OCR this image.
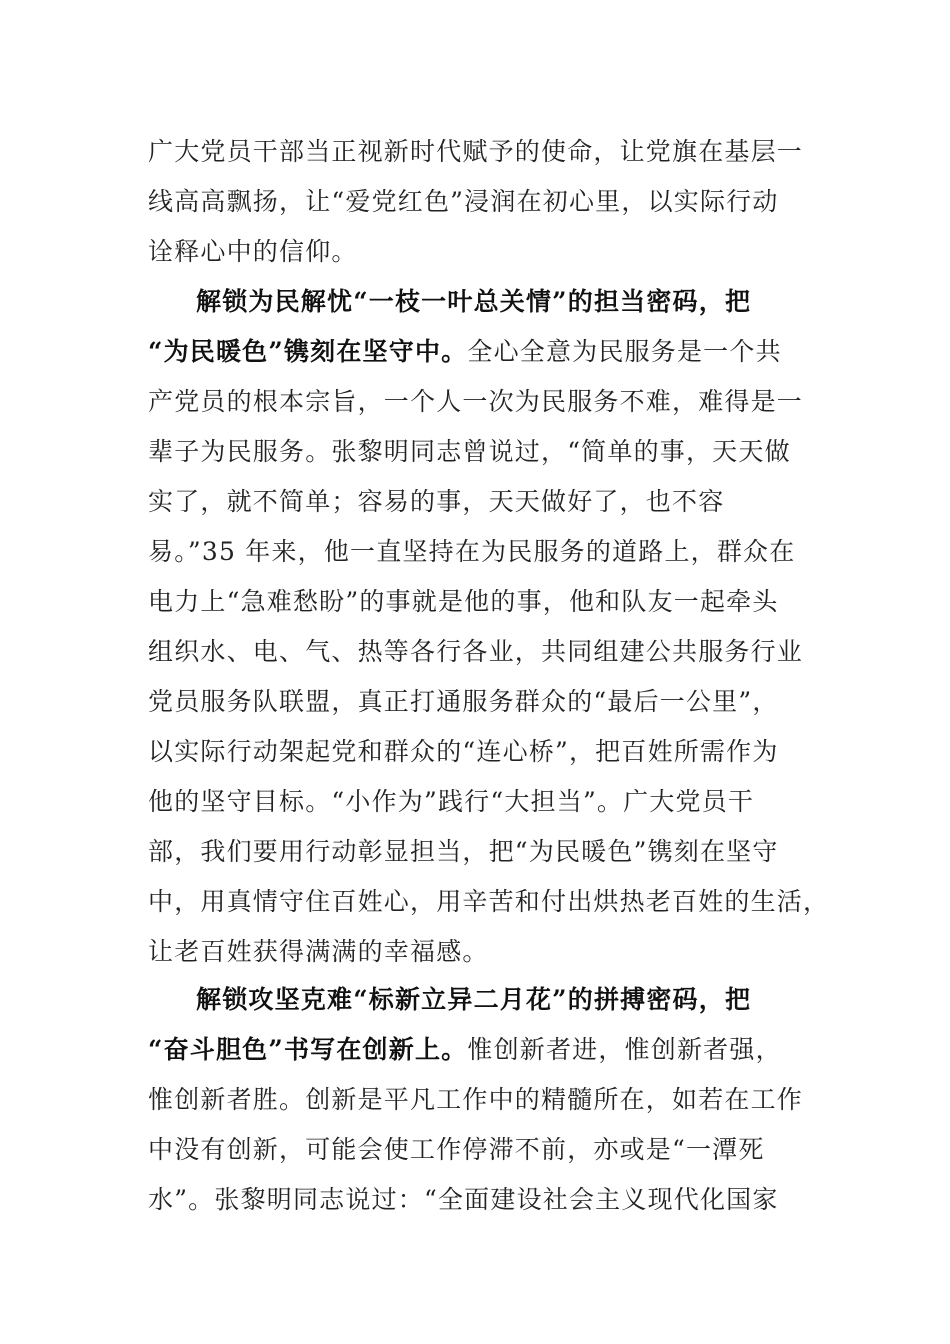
广大党员干部当正视新时代赋予的使命，让党旗在基层一
线高高飘扬，让“爱党红色”浸润在初心里，以实际行动
诠释心中的信仰。
解锁为民解忧“一枝一叶总关情”的担当密码，把
“为民暖色”镌刻在坚守中。全心全意为民服务是一个共
产党员的根本宗旨，一个人一次为民服务不难，难得是一
辈子为民服务。张黎明同志曾说过，“简单的事，天天做
实了，就不简单；容易的事，天天做好了，也不容
易。”35 年来，他一直坚持在为民服务的道路上，群众在
电力上“急难愁盼”的事就是他的事，他和队友一起牵头
组织水、电、气、热等各行各业，共同组建公共服务行业
党员服务队联盟，真正打通服务群众的“最后一公里”，
以实际行动架起党和群众的“连心桥”，把百姓所需作为
他的坚守目标。“小作为”践行“大担当”。广大党员干
部，我们要用行动彰显担当，把“为民暖色”镌刻在坚守
中，用真情守住百姓心，用辛苦和付出烘热老百姓的生活，
让老百姓获得满满的幸福感。
解锁攻坚克难“标新立异二月花”的拼搏密码，把
“奋斗胆色”书写在创新上。惟创新者进，惟创新者强，
惟创新者胜。创新是平凡工作中的精髓所在，如若在工作
中没有创新，可能会使工作停滞不前，亦或是“一潭死
水”。张黎明同志说过：“全面建设社会主义现代化国家
